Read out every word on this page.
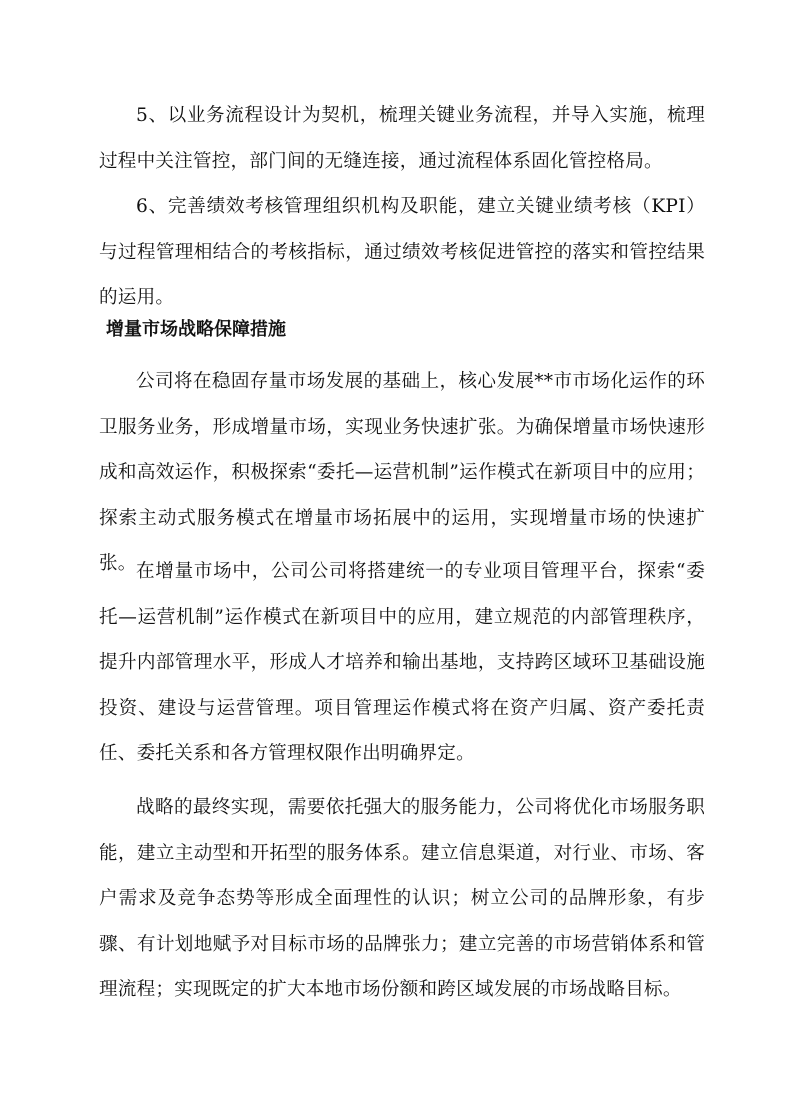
5、以业务流程设计为契机，梳理关键业务流程，并导入实施，梳理过程中关注管控，部门间的无缝连接，通过流程体系固化管控格局。

6、完善绩效考核管理组织机构及职能，建立关键业绩考核（KPI）与过程管理相结合的考核指标，通过绩效考核促进管控的落实和管控结果的运用。

增量市场战略保障措施

公司将在稳固存量市场发展的基础上，核心发展**市市场化运作的环卫服务业务，形成增量市场，实现业务快速扩张。为确保增量市场快速形成和高效运作，积极探索“委托—运营机制”运作模式在新项目中的应用；探索主动式服务模式在增量市场拓展中的运用，实现增量市场的快速扩张。 在增量市场中，公司公司将搭建统一的专业项目管理平台，探索“委托—运营机制”运作模式在新项目中的应用，建立规范的内部管理秩序，提升内部管理水平，形成人才培养和输出基地，支持跨区域环卫基础设施投资、建设与运营管理。项目管理运作模式将在资产归属、资产委托责任、委托关系和各方管理权限作出明确界定。

战略的最终实现，需要依托强大的服务能力，公司将优化市场服务职能，建立主动型和开拓型的服务体系。建立信息渠道，对行业、市场、客户需求及竞争态势等形成全面理性的认识；树立公司的品牌形象，有步骤、有计划地赋予对目标市场的品牌张力；建立完善的市场营销体系和管理流程；实现既定的扩大本地市场份额和跨区域发展的市场战略目标。
